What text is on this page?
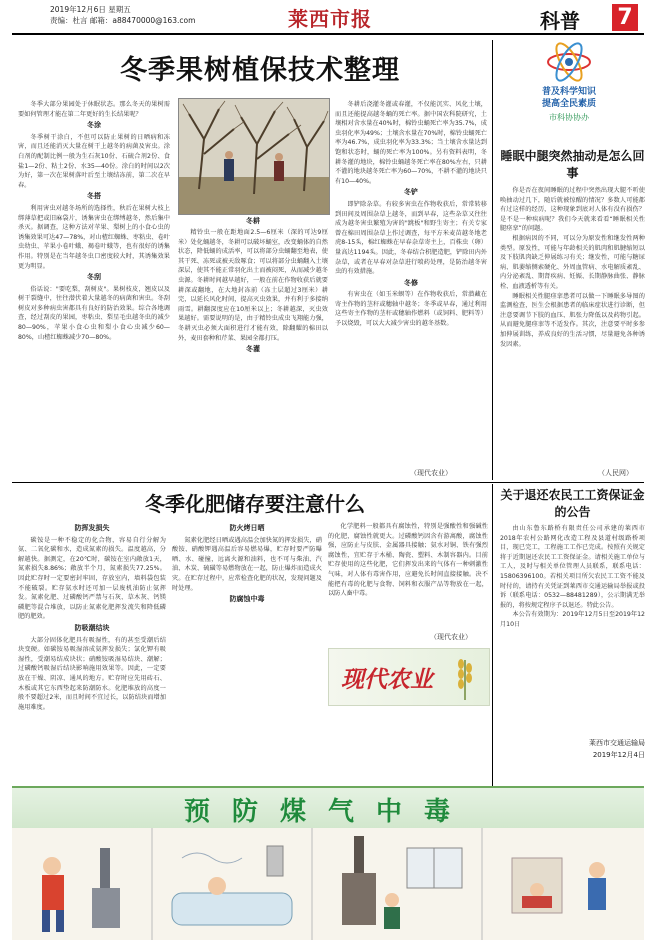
2019年12月6日 星期五
责编：杜言 邮箱：a88470000@163.com	莱西市报	科普	7
冬季果树植保技术整理
普及科学知识
提高全民素质
市科协协办

冬季大部分果园处于休眠状态。那么冬天的果树需要如何管理才能在第二年更好的生长结果呢？

冬涂

冬季树干涂白，不但可以防止果树的日晒病和冻害，而且还能消灭大量在树干上越冬的病菌及害虫。涂白剂的配制比例一般为生石灰10份、石硫合剂2份、食盐1—2份、粘土2份、水35—40份。涂白的时间以2次为好，第一次在果树落叶后至土壤结冻前，第二次在早春。

冬搭

利用害虫对越冬场所的选择性，秋后在果树大枝上绑薄草把或旧麻袋片，诱集害虫在绑缚越冬，然后集中杀灭。据调查，这种方法对苹果、梨树上的小食心虫的诱集效果可达47—78%，对山楂红蜘蛛、枣粘虫、卷叶虫幼虫、苹果小卷叶蛾、褐卷叶蛾等，也有很好的诱集作用。特别是在当年越冬虫口密度较大时，其诱集效果更为明显。

冬刮

俗话说："要吃梨，刮树皮"。果树枝皮，翘皮以及树干裂缝中，往往潜伏着大量越冬的病菌和害虫。冬刮树皮对多种病虫害都具有良好的防治效果。综合各地调查，经过刮皮的果园，枣粘虫、梨星毛虫越冬虫的减少80—90%，苹果小食心虫和梨小食心虫减少60—80%，山楂红蜘蛛减少70—80%。

冬耕

精铃虫一般在距地面2.5—6厘米（深的可达9厘米）处化蛹越冬，冬耕可以破坏蛹室，改变蛹体的自然状态，降低蛹的成活率，可以将部分虫蛹翻至地表，使其干死、冻死或被天敌啄食；可以将部分虫蛹翻入土壤深层，使其不能正常羽化出土而被闷死，从而减少越冬虫源。冬耕时间越早越好，一般在前在作物收获后就要耕深或翻地，在大地封冻前（冻土层超过3厘米）耕完，以延长风化时间，提高灭虫效果，并有利于多接纳雨雪。耕翻深度应在10厘米以上；冬耕越深，灭虫效果越好。需要说明的是，由于精铃虫成虫飞翔能力强，冬耕灭虫必须大面积进行才能有效，除翻耀的棉田以外，麦田套种和芹菜、果园全都打压。

冬灌

冬耕后浇灌冬灌或春灌，不仅能沉实、风化土壤，而且还能提高越冬蛹的死亡率。据中国农科院研究，土壤相对含水量在40%时，棉铃虫蛹死亡率为35.7%，成虫羽化率为49%；土壤含水量在70%时，棉铃虫蛹死亡率为46.7%，成虫羽化率为33.3%；当土壤含水量达到饱和状态时，蛹的死亡率为100%。另有资料表明，冬耕冬灌的地块，棉铃虫蛹越冬死亡率在80%左右，只耕不灌的地块越冬死亡率为60—70%，不耕不灌的地块只有10—40%。

冬铲

即铲除杂草。有较多害虫在作物收获后，常常转移到田间及周围杂草上越冬，而到早春，这些杂草又往往成为越冬害虫繁殖为害的"跳板"和野生寄主；有关专家曾在棉田周围杂草上作过调查，每平方米麦苗越冬地老虎8-15头，棉红蜘蛛在早春杂草寄主上，百株虫（卵）量高达1194头。因此，冬春结合积肥造肥，铲除田内外杂草，或者在早春对杂草进行喷药处理，是防治越冬害虫的有效措施。

冬修

有害虫在（如玉米螟等）在作物收获后，常潜藏在寄主作物的茎秆或穗轴中越冬；冬季或早春，通过利用这些寄主作物的茎秆或穗轴作燃料（或饲料、肥料等）予以烧毁，可以大大减少害虫的越冬基数。

（现代农业）
睡眠中腿突然抽动是怎么回事

你是否在夜间睡眠的过程中突然出现大腿不听使唤抽动过几下，随后就被惊醒的情况？多数人可能都有过这样的经历，这种现象到底对人体有没有损伤？是不是一种疾病呢？我们今天就来看看“睡眠相关性腿痉挛”的问题。

根据病因的不同，可以分为原发性和继发性两种类型。原发性，可能与年龄相关的肌肉和肌腱缩短以及下肢肌肉缺乏伸展练习有关；继发性，可能与糖尿病、肌萎缩侧索硬化、外周血管病、水电解质紊乱、内分泌紊乱、期肾疾病、妊娠、长期静脉曲张、静脉栓、血液透析等有关。

睡眠相关性腿痉挛患者可以做一下睡眠多导图的监测检查，医生会根据患者的临床症状进行诊断，但注意要调节下肢的血压、肌张力降低以及药物引起。从而避免腿痉挛等不适发作。其次，注意要平时多参加伸展训练，养成良好的生活习惯，尽量避免各种诱发因素。

（人民网）
冬季化肥储存要注意什么
防挥发损失

碳铵是一种不稳定的化合物，容易自行分解为氨、二氧化碳和水，造成氮素的损失。温度越高，分解越快。据测定，在20℃时，碳铵在室内敞放1天，氮素损失8.86%；敞放半个月，氮素损失77.25%。因此贮存时一定要密封牢固，存放室内，墙料袋包装不能破裂。贮存氨水时还可加一层废机油防止氨挥发。氮素化肥、过磷酸钙严禁与石灰、草木灰、钙镁磷肥等混合堆放，以防止氮素化肥挥发流失和降低磷肥的肥效。

防吸潮结块

大部分固体化肥具有吸湿性，有的甚至受潮后结块变硬。如碳铵易吸湿溶成氨挥发损失；氯化钾有吸湿性，受潮易结成块状；硝酸铵吸湿易结块、潮解；过磷酸钙吸湿后结块影响施用效果等。因此，一定要放在干燥、阴凉、通风的地方。贮存时应先用砖石、木板或其它东西垫起来防潮防水。化肥堆放的高度一般不要超过2米，而且时间不宜过长，以防结块而增加施用难度。

防火烤日晒

氮素化肥经日晒或遇高温会加快氮的挥发损失，硝酸铵、硝酸钾遇高温后容易燃易爆，贮存时要严防曝晒、水、碰撞，远离火源和油料，也不可与柴油、汽油、木炭、硫磺等易燃物放在一起，防止爆炸而造成火灾。在贮存过程中，应常检查化肥的状况，发现问题及时处理。

防腐蚀中毒

化学肥料一般都具有腐蚀性，特别是强酸性和强碱性的化肥，腐蚀性就更大。过磷酸钙因含有游离酸，腐蚀性强，应防止与皮肤、金属器具接触；氨水对铜、铁有强烈腐蚀性，宜贮存于木桶、陶瓷、塑料、木制容器内。目前贮存使用的这些化肥，它们挥发出来的气体有一种刺激性气味，对人体有毒害作用，应避免长时间直接接触。决不能把有毒的化肥与食物、饲料和衣服产品等物放在一起，以防人畜中毒。

（现代农业）
现代农业
关于退还农民工工资保证金的公告

由山东鲁东路桥有限责任公司承建的莱西市2018年农村公路网化改造工程及县道村级路桥项目，现已完工，工程施工工作已完成。按照有关规定将于近期退还农民工工资保证金。请相关施工单位与工人，及时与相关单位管理人员联系，联系电话：15806396100。若相关项目所欠农民工工资不能及时付的，请持有关凭证到莱西市交通运输局举报或投诉（联系电话：0532—88481289），公示期满无举报的，将按规定程序予以退还。特此公告。

本公告有效期为：2019年12月5日至2019年12月10日

莱西市交通运输局
2019年12月4日
预防煤气中毒
